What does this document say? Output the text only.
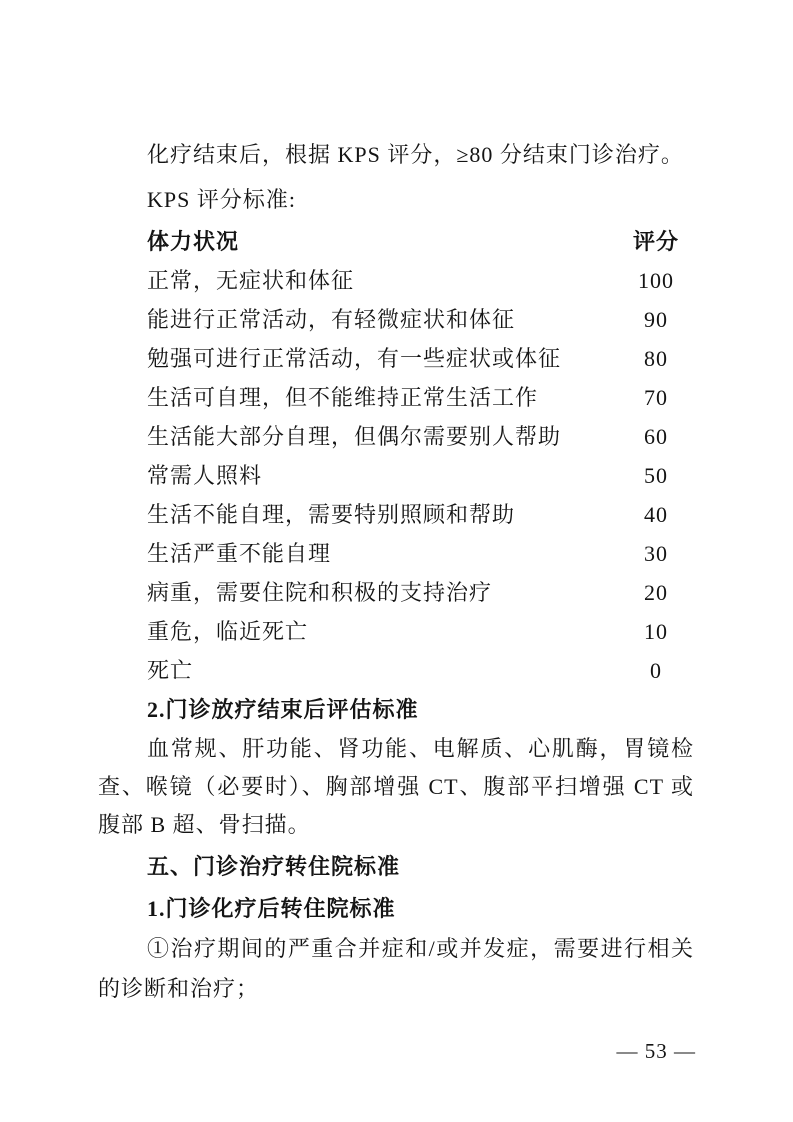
化疗结束后，根据 KPS 评分，≥80 分结束门诊治疗。
KPS 评分标准:
体力状况	评分
正常，无症状和体征	100
能进行正常活动，有轻微症状和体征	90
勉强可进行正常活动，有一些症状或体征	80
生活可自理，但不能维持正常生活工作	70
生活能大部分自理，但偶尔需要别人帮助	60
常需人照料	50
生活不能自理，需要特别照顾和帮助	40
生活严重不能自理	30
病重，需要住院和积极的支持治疗	20
重危，临近死亡	10
死亡	0
2.门诊放疗结束后评估标准
血常规、肝功能、肾功能、电解质、心肌酶，胃镜检查、喉镜（必要时）、胸部增强 CT、腹部平扫增强 CT 或腹部 B 超、骨扫描。
五、门诊治疗转住院标准
1.门诊化疗后转住院标准
①治疗期间的严重合并症和/或并发症，需要进行相关的诊断和治疗；
— 53 —
